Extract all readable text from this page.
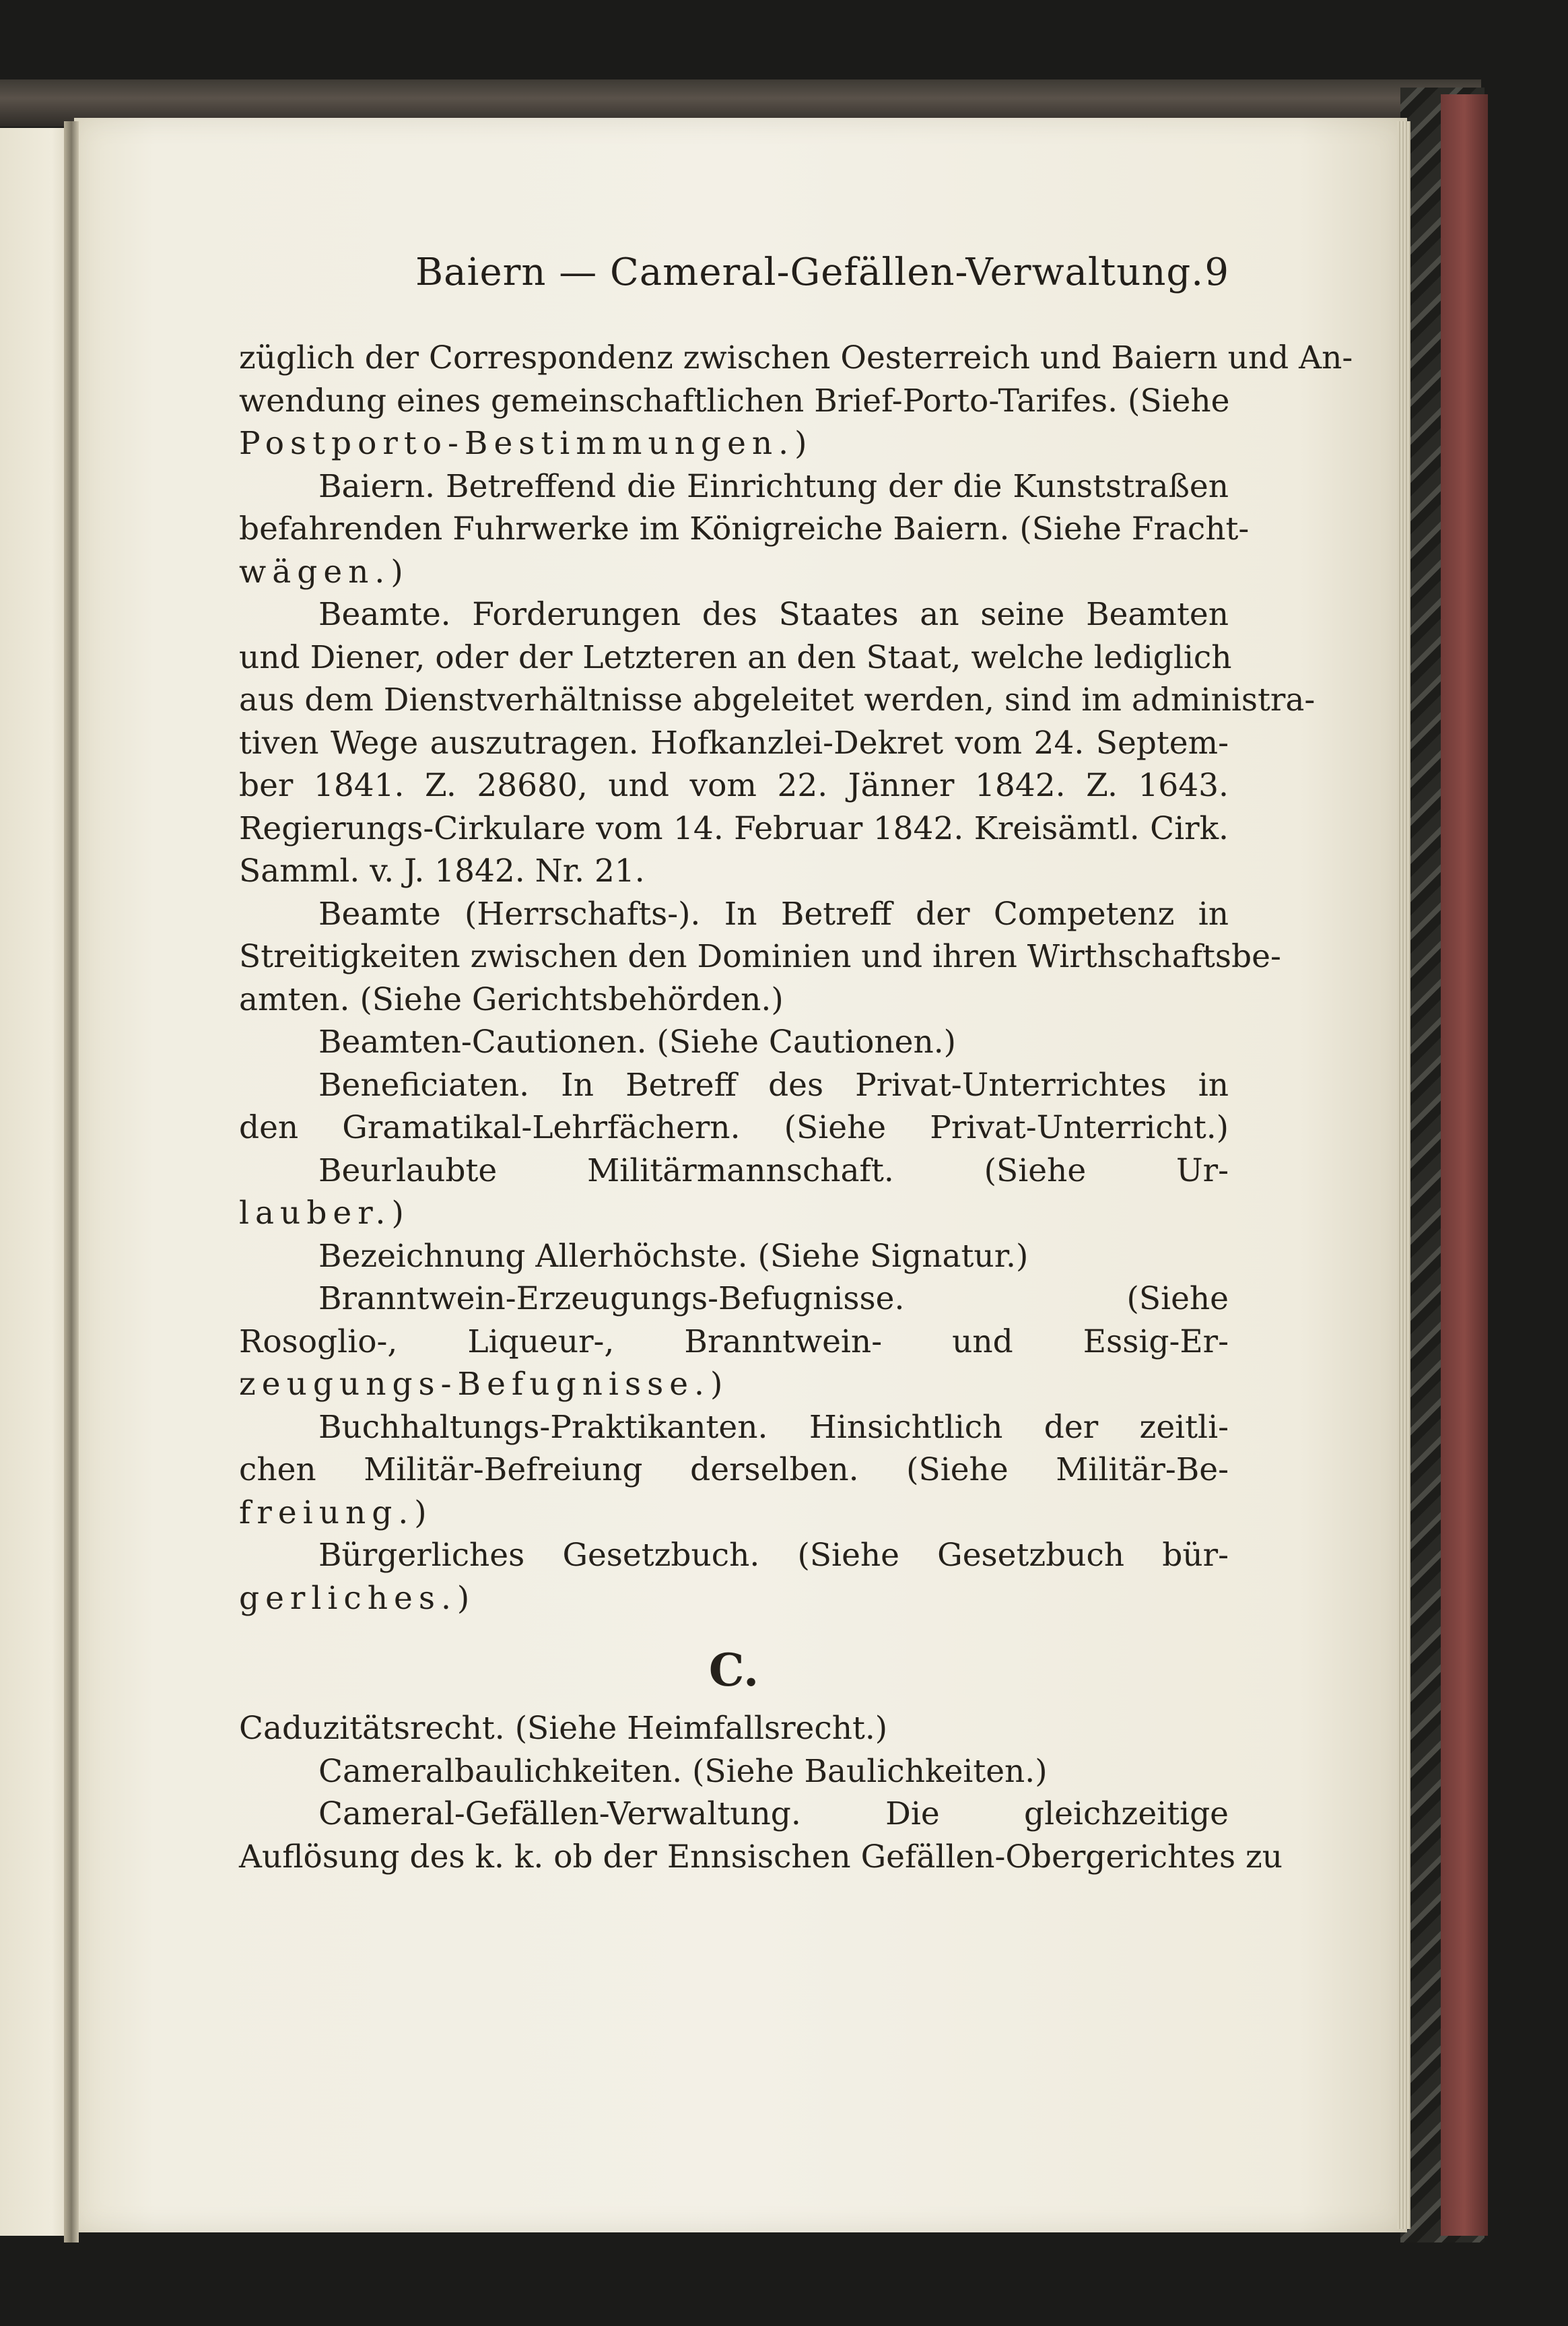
Baiern — Cameral-Gefällen-Verwaltung. 9
züglich der Correspondenz zwischen Oesterreich und Baiern und An-
wendung eines gemeinschaftlichen Brief-Porto-Tarifes. (Siehe
Postporto-Bestimmungen.)
Baiern. Betreffend die Einrichtung der die Kunststraßen
befahrenden Fuhrwerke im Königreiche Baiern. (Siehe Fracht-
wägen.)
Beamte. Forderungen des Staates an seine Beamten
und Diener, oder der Letzteren an den Staat, welche lediglich
aus dem Dienstverhältnisse abgeleitet werden, sind im administra-
tiven Wege auszutragen. Hofkanzlei-Dekret vom 24. Septem-
ber 1841. Z. 28680, und vom 22. Jänner 1842. Z. 1643.
Regierungs-Cirkulare vom 14. Februar 1842. Kreisämtl. Cirk.
Samml. v. J. 1842. Nr. 21.
Beamte (Herrschafts-). In Betreff der Competenz in
Streitigkeiten zwischen den Dominien und ihren Wirthschaftsbe-
amten. (Siehe Gerichtsbehörden.)
Beamten-Cautionen. (Siehe Cautionen.)
Beneficiaten. In Betreff des Privat-Unterrichtes in
den Gramatikal-Lehrfächern. (Siehe Privat-Unterricht.)
Beurlaubte Militärmannschaft. (Siehe Ur-
lauber.)
Bezeichnung Allerhöchste. (Siehe Signatur.)
Branntwein-Erzeugungs-Befugnisse. (Siehe
Rosoglio-, Liqueur-, Branntwein- und Essig-Er-
zeugungs-Befugnisse.)
Buchhaltungs-Praktikanten. Hinsichtlich der zeitli-
chen Militär-Befreiung derselben. (Siehe Militär-Be-
freiung.)
Bürgerliches Gesetzbuch. (Siehe Gesetzbuch bür-
gerliches.)
C.
Caduzitätsrecht. (Siehe Heimfallsrecht.)
Cameralbaulichkeiten. (Siehe Baulichkeiten.)
Cameral-Gefällen-Verwaltung. Die gleichzeitige
Auflösung des k. k. ob der Ennsischen Gefällen-Obergerichtes zu
